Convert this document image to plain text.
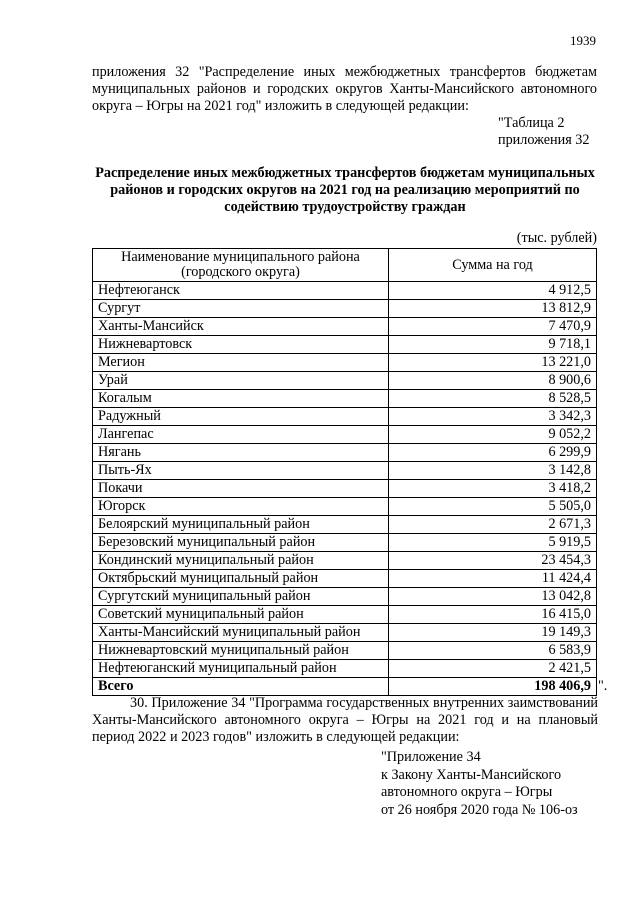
1939
приложения 32 "Распределение иных межбюджетных трансфертов бюджетам муниципальных районов и городских округов Ханты-Мансийского автономного округа – Югры на 2021 год" изложить в следующей редакции:
"Таблица 2
приложения 32
Распределение иных межбюджетных трансфертов бюджетам муниципальных районов и городских округов на 2021 год на реализацию мероприятий по содействию трудоустройству граждан
(тыс. рублей)
Наименование муниципального района (городского округа)	Сумма на год
Нефтеюганск	4 912,5
Сургут	13 812,9
Ханты-Мансийск	7 470,9
Нижневартовск	9 718,1
Мегион	13 221,0
Урай	8 900,6
Когалым	8 528,5
Радужный	3 342,3
Лангепас	9 052,2
Нягань	6 299,9
Пыть-Ях	3 142,8
Покачи	3 418,2
Югорск	5 505,0
Белоярский муниципальный район	2 671,3
Березовский муниципальный район	5 919,5
Кондинский муниципальный район	23 454,3
Октябрьский муниципальный район	11 424,4
Сургутский муниципальный район	13 042,8
Советский муниципальный район	16 415,0
Ханты-Мансийский муниципальный район	19 149,3
Нижневартовский муниципальный район	6 583,9
Нефтеюганский муниципальный район	2 421,5
Всего	198 406,9 ".
30. Приложение 34 "Программа государственных внутренних заимствований Ханты-Мансийского автономного округа – Югры на 2021 год и на плановый период 2022 и 2023 годов" изложить в следующей редакции:
"Приложение 34
к Закону Ханты-Мансийского
автономного округа – Югры
от 26 ноября 2020 года № 106-оз
